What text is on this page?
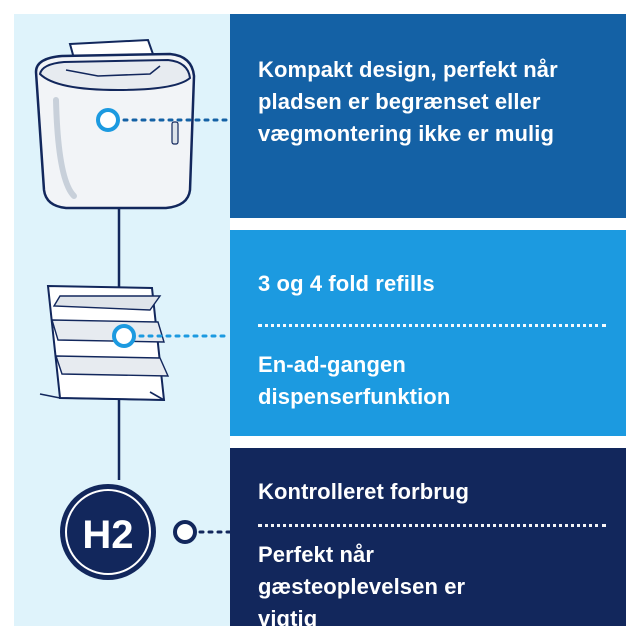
H2
Kompakt design, perfekt når pladsen er begrænset eller vægmontering ikke er mulig
3 og 4 fold refills
En-ad-gangen dispenserfunktion
Kontrolleret forbrug
Perfekt når gæsteoplevelsen er vigtig
